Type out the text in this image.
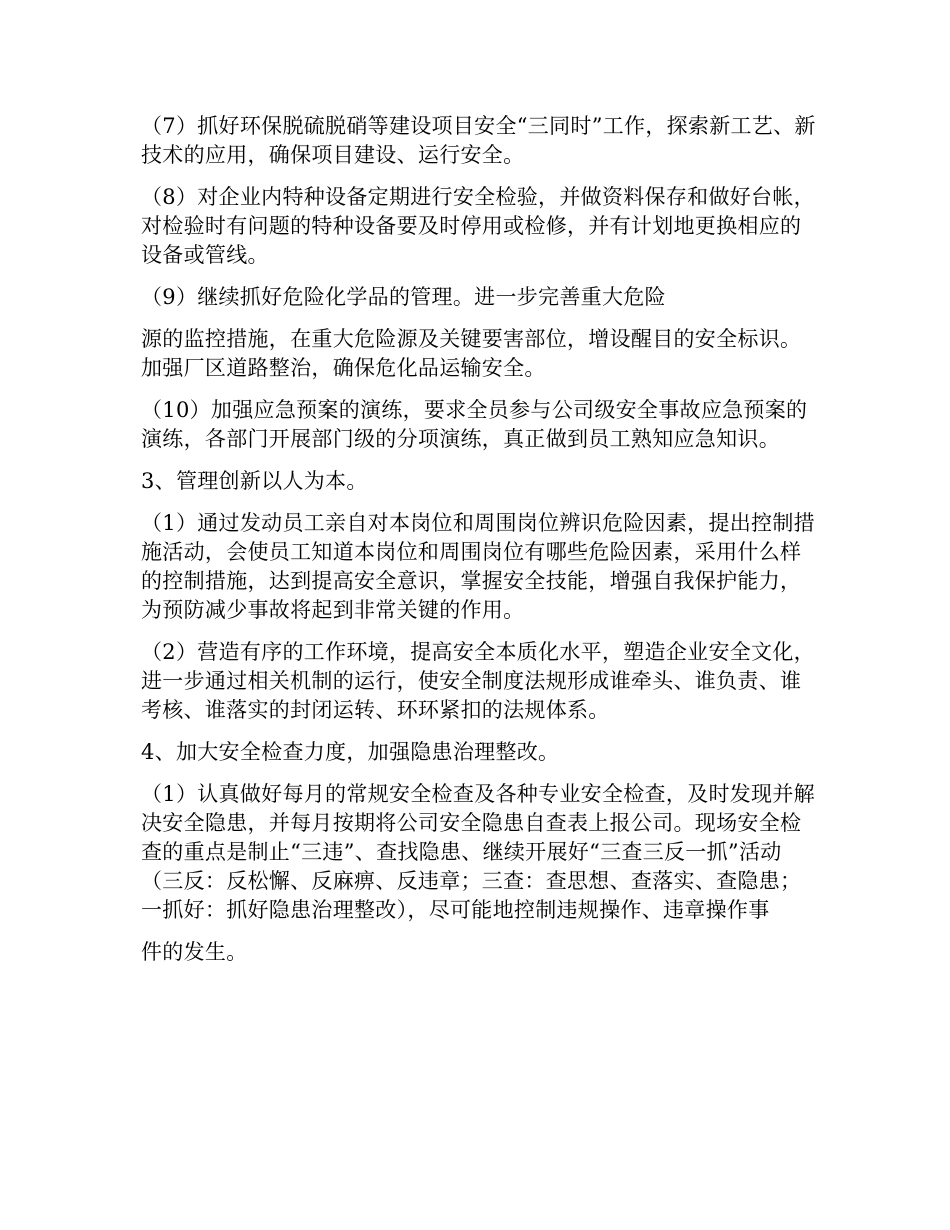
（7）抓好环保脱硫脱硝等建设项目安全“三同时”工作，探索新工艺、新技术的应用，确保项目建设、运行安全。

（8）对企业内特种设备定期进行安全检验，并做资料保存和做好台帐，对检验时有问题的特种设备要及时停用或检修，并有计划地更换相应的设备或管线。

（9）继续抓好危险化学品的管理。进一步完善重大危险

源的监控措施，在重大危险源及关键要害部位，增设醒目的安全标识。加强厂区道路整治，确保危化品运输安全。

（10）加强应急预案的演练，要求全员参与公司级安全事故应急预案的演练，各部门开展部门级的分项演练，真正做到员工熟知应急知识。

3、管理创新以人为本。

（1）通过发动员工亲自对本岗位和周围岗位辨识危险因素，提出控制措施活动，会使员工知道本岗位和周围岗位有哪些危险因素，采用什么样的控制措施，达到提高安全意识，掌握安全技能，增强自我保护能力，为预防减少事故将起到非常关键的作用。

（2）营造有序的工作环境，提高安全本质化水平，塑造企业安全文化，进一步通过相关机制的运行，使安全制度法规形成谁牵头、谁负责、谁考核、谁落实的封闭运转、环环紧扣的法规体系。

4、加大安全检查力度，加强隐患治理整改。

（1）认真做好每月的常规安全检查及各种专业安全检查，及时发现并解决安全隐患，并每月按期将公司安全隐患自查表上报公司。现场安全检查的重点是制止“三违”、查找隐患、继续开展好“三查三反一抓”活动（三反：反松懈、反麻痹、反违章；三查：查思想、查落实、查隐患；一抓好：抓好隐患治理整改），尽可能地控制违规操作、违章操作事

件的发生。
